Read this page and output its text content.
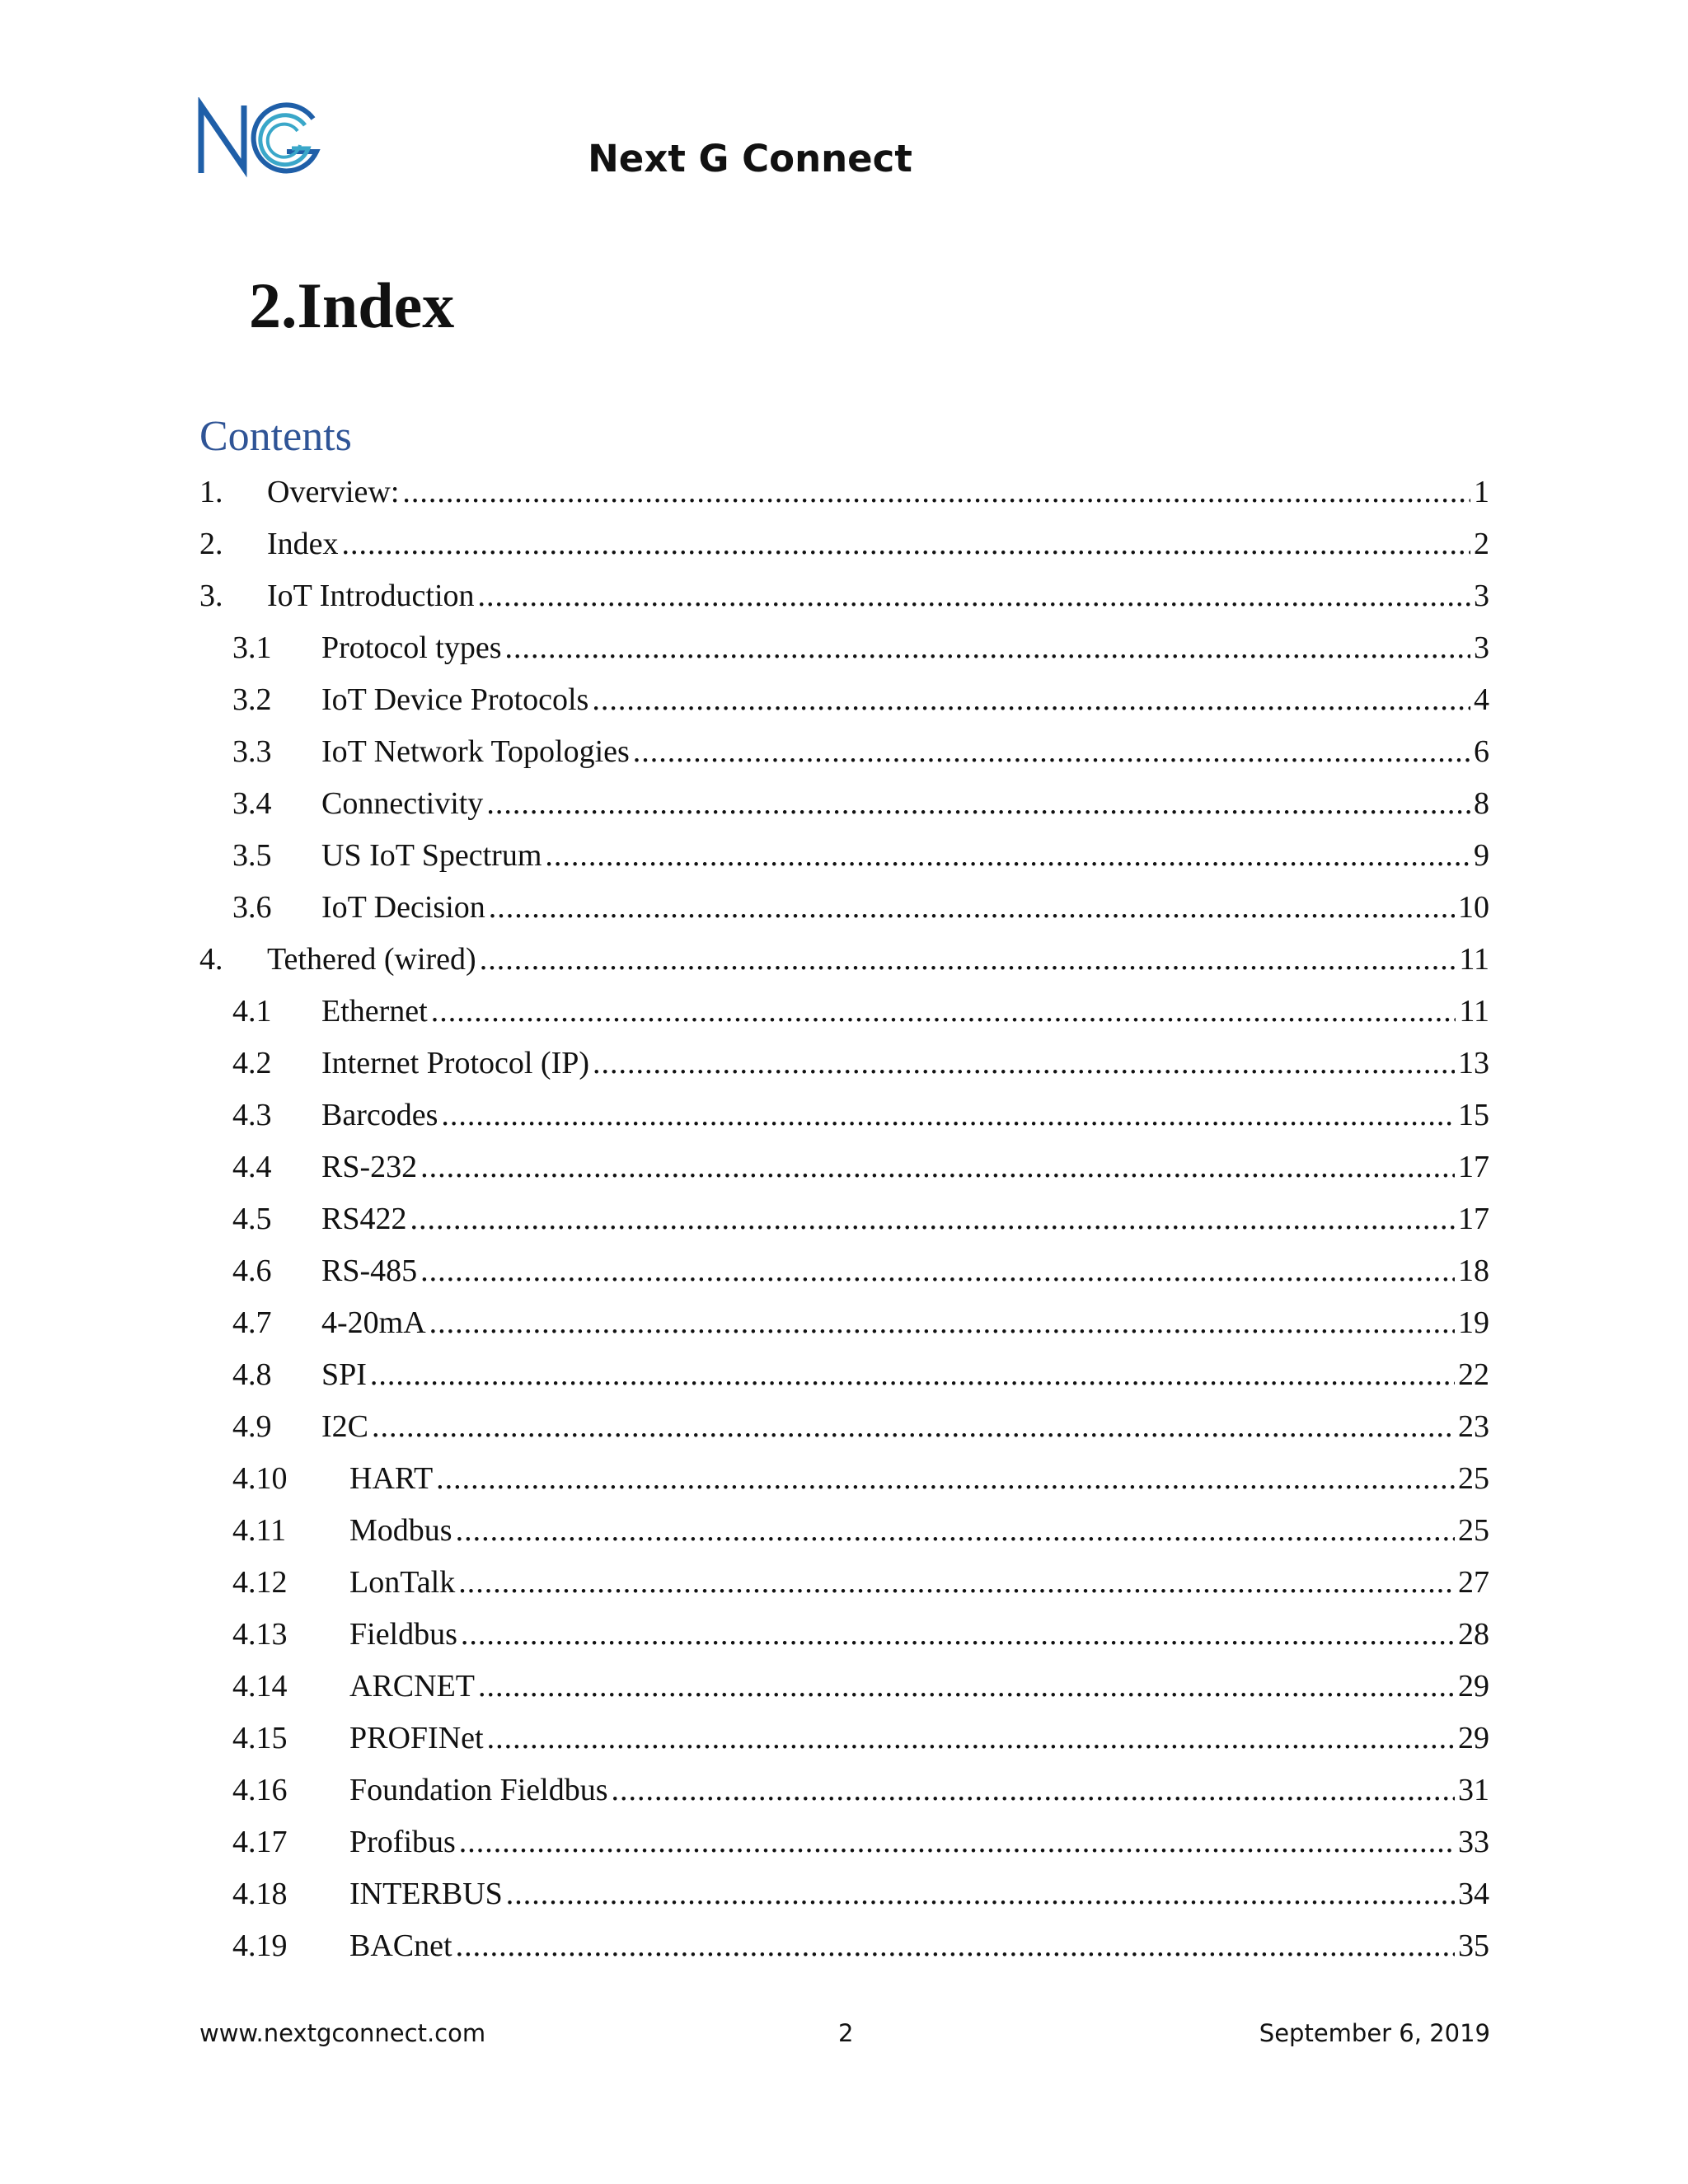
Next G Connect
2.Index
Contents
1.	Overview: .....	1
2.	Index .....	2
3.	IoT Introduction .....	3
3.1	Protocol types .....	3
3.2	IoT Device Protocols .....	4
3.3	IoT Network Topologies .....	6
3.4	Connectivity .....	8
3.5	US IoT Spectrum .....	9
3.6	IoT Decision .....	10
4.	Tethered (wired) .....	11
4.1	Ethernet .....	11
4.2	Internet Protocol (IP) .....	13
4.3	Barcodes .....	15
4.4	RS-232 .....	17
4.5	RS422 .....	17
4.6	RS-485 .....	18
4.7	4-20mA .....	19
4.8	SPI .....	22
4.9	I2C .....	23
4.10	HART .....	25
4.11	Modbus .....	25
4.12	LonTalk .....	27
4.13	Fieldbus .....	28
4.14	ARCNET .....	29
4.15	PROFINet .....	29
4.16	Foundation Fieldbus .....	31
4.17	Profibus .....	33
4.18	INTERBUS .....	34
4.19	BACnet .....	35
www.nextgconnect.com	2	September 6, 2019
